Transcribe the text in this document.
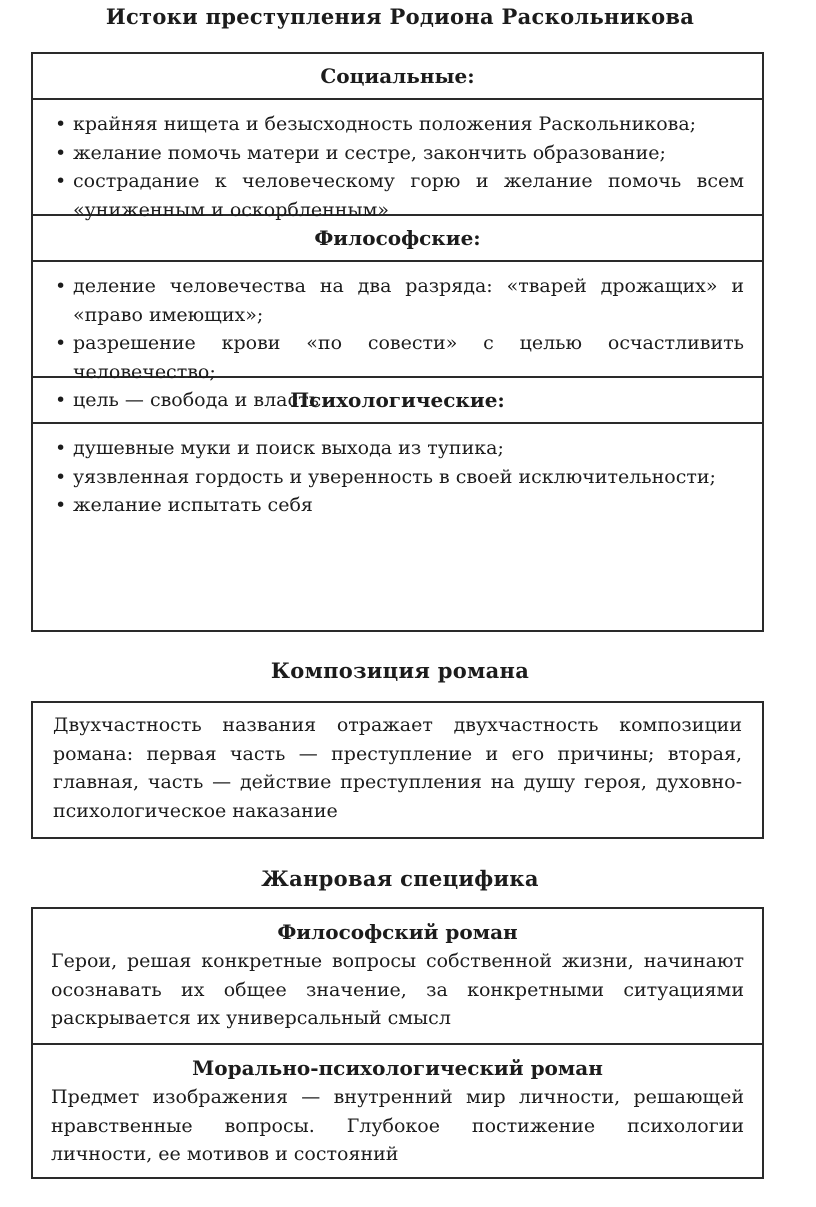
Истоки преступления Родиона Раскольникова
Социальные:
• крайняя нищета и безысходность положения Раскольникова;
• желание помочь матери и сестре, закончить образование;
• сострадание к человеческому горю и желание помочь всем «униженным и оскорбленным»
Философские:
• деление человечества на два разряда: «тварей дрожащих» и «право имеющих»;
• разрешение крови «по совести» с целью осчастливить человечество;
• цель — свобода и власть
Психологические:
• душевные муки и поиск выхода из тупика;
• уязвленная гордость и уверенность в своей исключительности;
• желание испытать себя
Композиция романа

Двухчастность названия отражает двухчастность композиции романа: первая часть — преступление и его причины; вторая, главная, часть — действие преступления на душу героя, духовно-психологическое наказание

Жанровая специфика
Философский роман
Герои, решая конкретные вопросы собственной жизни, начинают осознавать их общее значение, за конкретными ситуациями раскрывается их универсальный смысл
Морально-психологический роман
Предмет изображения — внутренний мир личности, решающей нравственные вопросы. Глубокое постижение психологии личности, ее мотивов и состояний
